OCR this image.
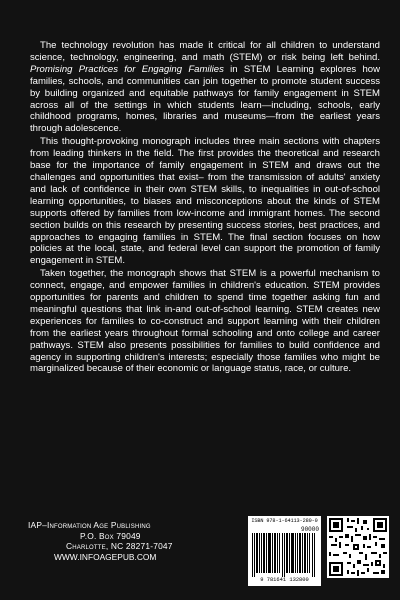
The technology revolution has made it critical for all children to understand science, technology, engineering, and math (STEM) or risk being left behind. Promising Practices for Engaging Families in STEM Learning explores how families, schools, and communities can join together to promote student success by building organized and equitable pathways for family engagement in STEM across all of the settings in which students learn—including, schools, early childhood programs, homes, libraries and museums—from the earliest years through adolescence.

This thought-provoking monograph includes three main sections with chapters from leading thinkers in the field. The first provides the theoretical and research base for the importance of family engagement in STEM and draws out the challenges and opportunities that exist– from the transmission of adults' anxiety and lack of confidence in their own STEM skills, to inequalities in out-of-school learning opportunities, to biases and misconceptions about the kinds of STEM supports offered by families from low-income and immigrant homes. The second section builds on this research by presenting success stories, best practices, and approaches to engaging families in STEM. The final section focuses on how policies at the local, state, and federal level can support the promotion of family engagement in STEM.

Taken together, the monograph shows that STEM is a powerful mechanism to connect, engage, and empower families in children's education. STEM provides opportunities for parents and children to spend time together asking fun and meaningful questions that link in-and out-of-school learning. STEM creates new experiences for families to co-construct and support learning with their children from the earliest years throughout formal schooling and onto college and career pathways. STEM also presents possibilities for families to build confidence and agency in supporting children's interests; especially those families who might be marginalized because of their economic or language status, race, or culture.

IAP–Information Age Publishing
P.O. Box 79049
Charlotte, NC 28271-7047
WWW.INFOAGEPUB.COM
ISBN 978-1-64113-280-0
90000
9 781641 132800
